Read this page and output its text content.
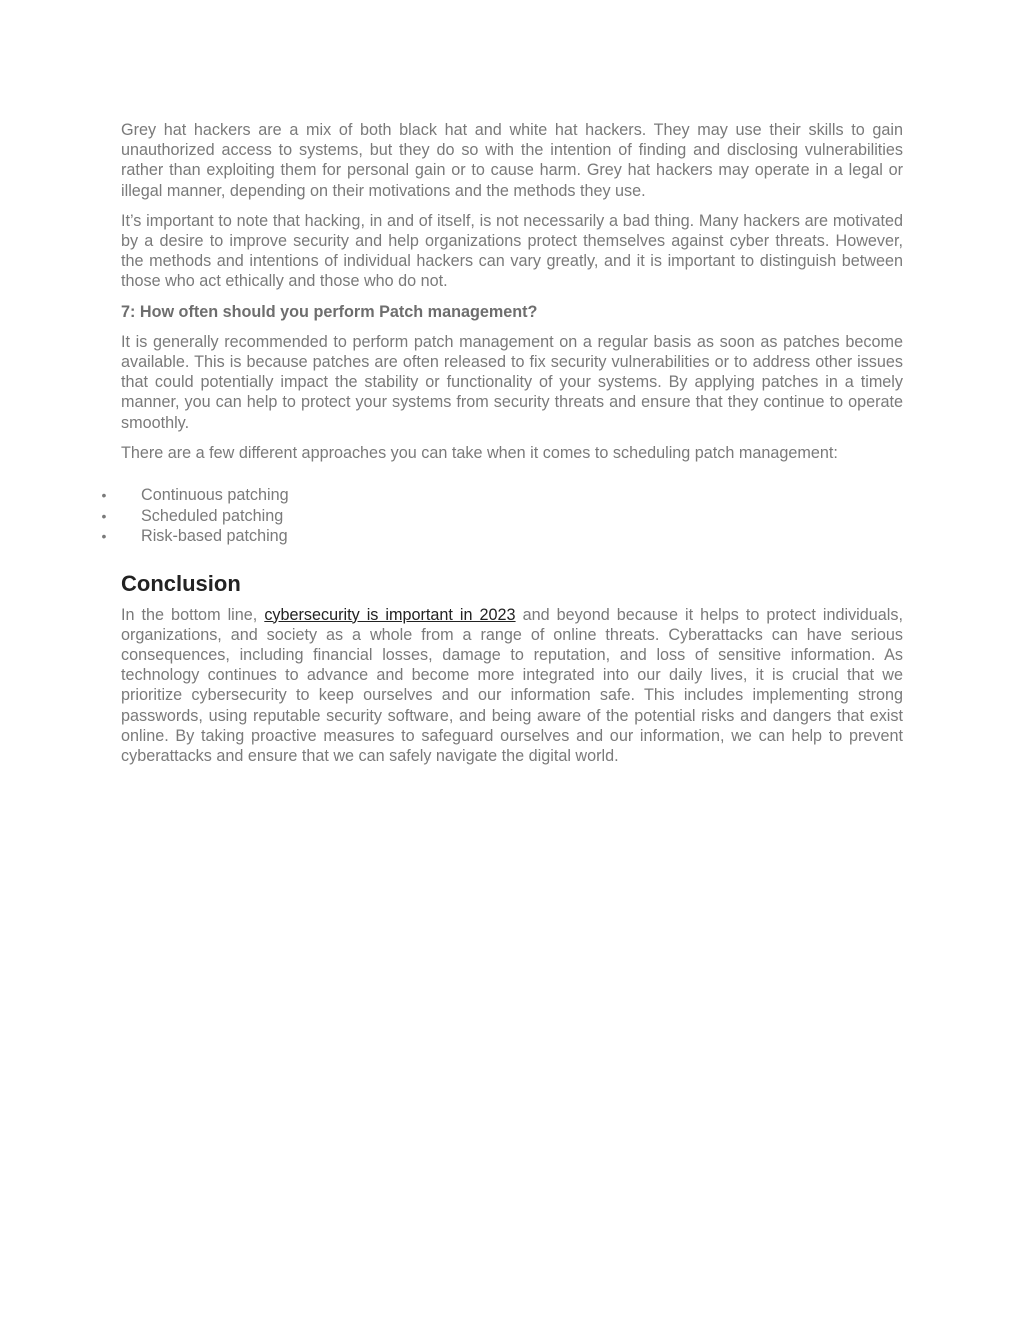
Grey hat hackers are a mix of both black hat and white hat hackers. They may use their skills to gain unauthorized access to systems, but they do so with the intention of finding and disclosing vulnerabilities rather than exploiting them for personal gain or to cause harm. Grey hat hackers may operate in a legal or illegal manner, depending on their motivations and the methods they use.

It’s important to note that hacking, in and of itself, is not necessarily a bad thing. Many hackers are motivated by a desire to improve security and help organizations protect themselves against cyber threats. However, the methods and intentions of individual hackers can vary greatly, and it is important to distinguish between those who act ethically and those who do not.

7: How often should you perform Patch management?

It is generally recommended to perform patch management on a regular basis as soon as patches become available. This is because patches are often released to fix security vulnerabilities or to address other issues that could potentially impact the stability or functionality of your systems. By applying patches in a timely manner, you can help to protect your systems from security threats and ensure that they continue to operate smoothly.

There are a few different approaches you can take when it comes to scheduling patch management:

• Continuous patching
• Scheduled patching
• Risk-based patching
Conclusion

In the bottom line, cybersecurity is important in 2023 and beyond because it helps to protect individuals, organizations, and society as a whole from a range of online threats. Cyberattacks can have serious consequences, including financial losses, damage to reputation, and loss of sensitive information. As technology continues to advance and become more integrated into our daily lives, it is crucial that we prioritize cybersecurity to keep ourselves and our information safe. This includes implementing strong passwords, using reputable security software, and being aware of the potential risks and dangers that exist online. By taking proactive measures to safeguard ourselves and our information, we can help to prevent cyberattacks and ensure that we can safely navigate the digital world.
